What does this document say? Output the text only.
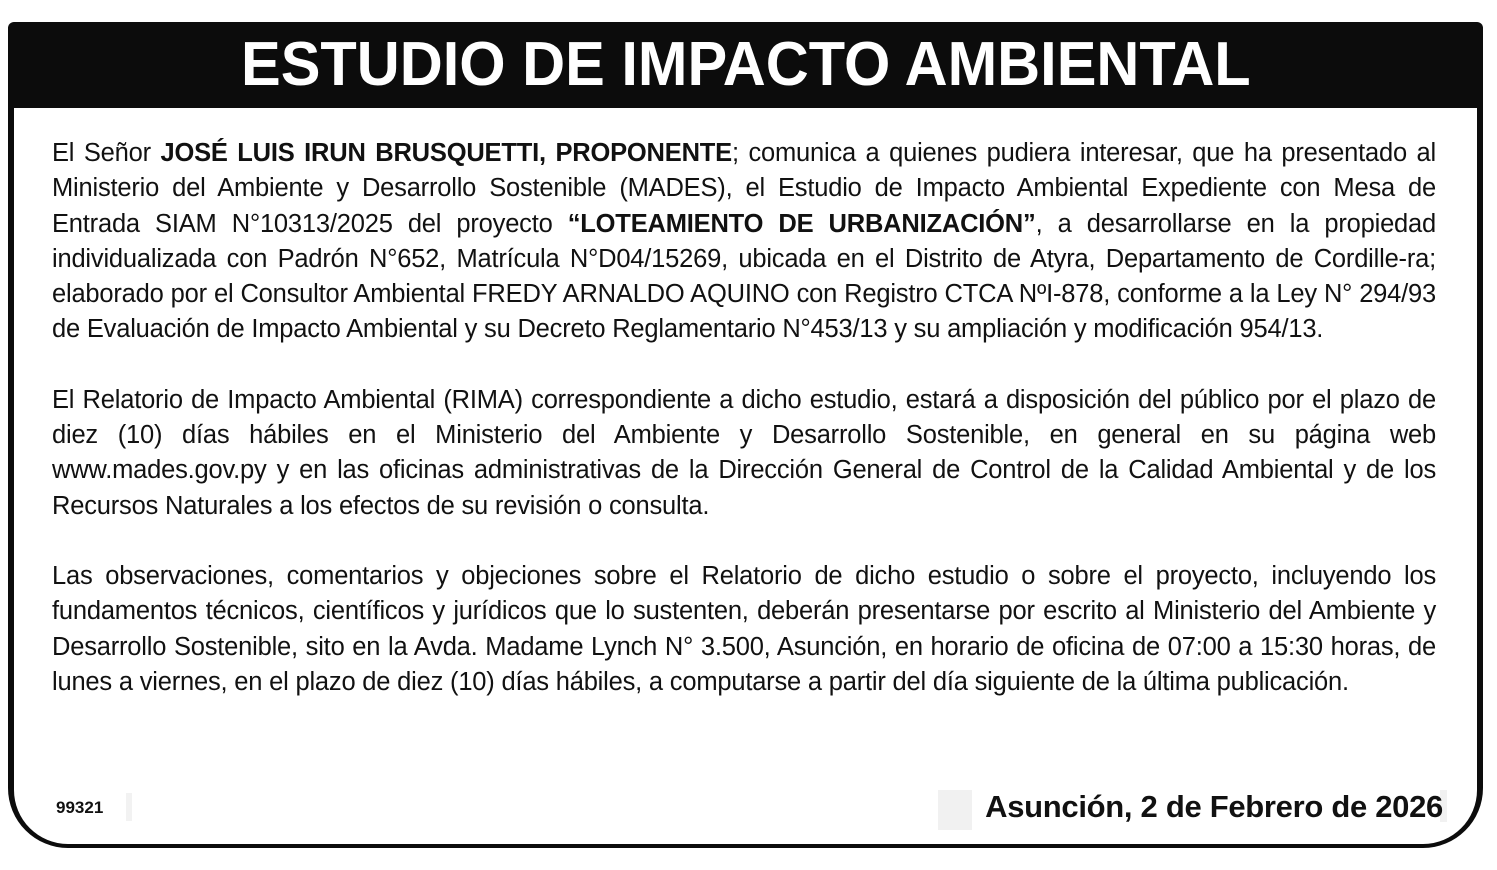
ESTUDIO DE IMPACTO AMBIENTAL

El Señor JOSÉ LUIS IRUN BRUSQUETTI, PROPONENTE; comunica a quienes pudiera interesar, que ha presentado al Ministerio del Ambiente y Desarrollo Sostenible (MADES), el Estudio de Impacto Ambiental Expediente con Mesa de Entrada SIAM N°10313/2025 del proyecto “LOTEAMIENTO DE URBANIZACIÓN”, a desarrollarse en la propiedad individualizada con Padrón N°652, Matrícula N°D04/15269, ubicada en el Distrito de Atyra, Departamento de Cordille-ra; elaborado por el Consultor Ambiental FREDY ARNALDO AQUINO con Registro CTCA NºI-878, conforme a la Ley N° 294/93 de Evaluación de Impacto Ambiental y su Decreto Reglamentario N°453/13 y su ampliación y modificación 954/13.

El Relatorio de Impacto Ambiental (RIMA) correspondiente a dicho estudio, estará a disposición del público por el plazo de diez (10) días hábiles en el Ministerio del Ambiente y Desarrollo Sostenible, en general en su página web www.mades.gov.py y en las oficinas administrativas de la Dirección General de Control de la Calidad Ambiental y de los Recursos Naturales a los efectos de su revisión o consulta.

Las observaciones, comentarios y objeciones sobre el Relatorio de dicho estudio o sobre el proyecto, incluyendo los fundamentos técnicos, científicos y jurídicos que lo sustenten, deberán presentarse por escrito al Ministerio del Ambiente y Desarrollo Sostenible, sito en la Avda. Madame Lynch N° 3.500, Asunción, en horario de oficina de 07:00 a 15:30 horas, de lunes a viernes, en el plazo de diez (10) días hábiles, a computarse a partir del día siguiente de la última publicación.

99321	Asunción, 2 de Febrero de 2026
